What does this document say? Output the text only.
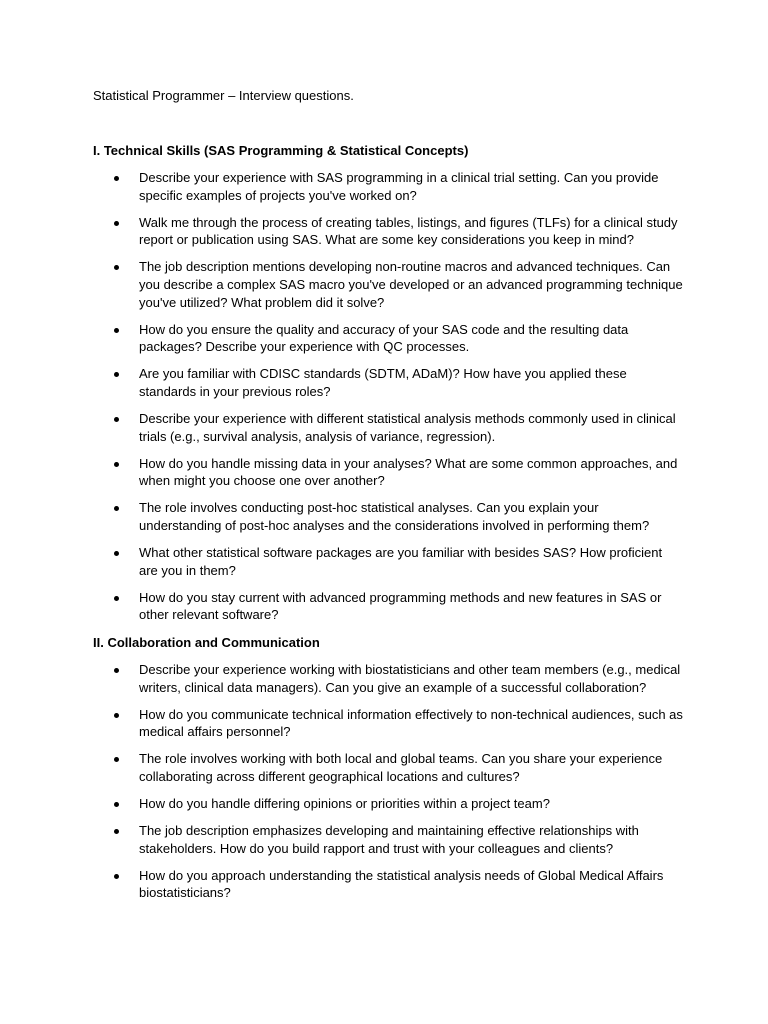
Statistical Programmer – Interview questions.
I. Technical Skills (SAS Programming & Statistical Concepts)
Describe your experience with SAS programming in a clinical trial setting. Can you provide specific examples of projects you've worked on?
Walk me through the process of creating tables, listings, and figures (TLFs) for a clinical study report or publication using SAS. What are some key considerations you keep in mind?
The job description mentions developing non-routine macros and advanced techniques. Can you describe a complex SAS macro you've developed or an advanced programming technique you've utilized? What problem did it solve?
How do you ensure the quality and accuracy of your SAS code and the resulting data packages? Describe your experience with QC processes.
Are you familiar with CDISC standards (SDTM, ADaM)? How have you applied these standards in your previous roles?
Describe your experience with different statistical analysis methods commonly used in clinical trials (e.g., survival analysis, analysis of variance, regression).
How do you handle missing data in your analyses? What are some common approaches, and when might you choose one over another?
The role involves conducting post-hoc statistical analyses. Can you explain your understanding of post-hoc analyses and the considerations involved in performing them?
What other statistical software packages are you familiar with besides SAS? How proficient are you in them?
How do you stay current with advanced programming methods and new features in SAS or other relevant software?
II. Collaboration and Communication
Describe your experience working with biostatisticians and other team members (e.g., medical writers, clinical data managers). Can you give an example of a successful collaboration?
How do you communicate technical information effectively to non-technical audiences, such as medical affairs personnel?
The role involves working with both local and global teams. Can you share your experience collaborating across different geographical locations and cultures?
How do you handle differing opinions or priorities within a project team?
The job description emphasizes developing and maintaining effective relationships with stakeholders. How do you build rapport and trust with your colleagues and clients?
How do you approach understanding the statistical analysis needs of Global Medical Affairs biostatisticians?
